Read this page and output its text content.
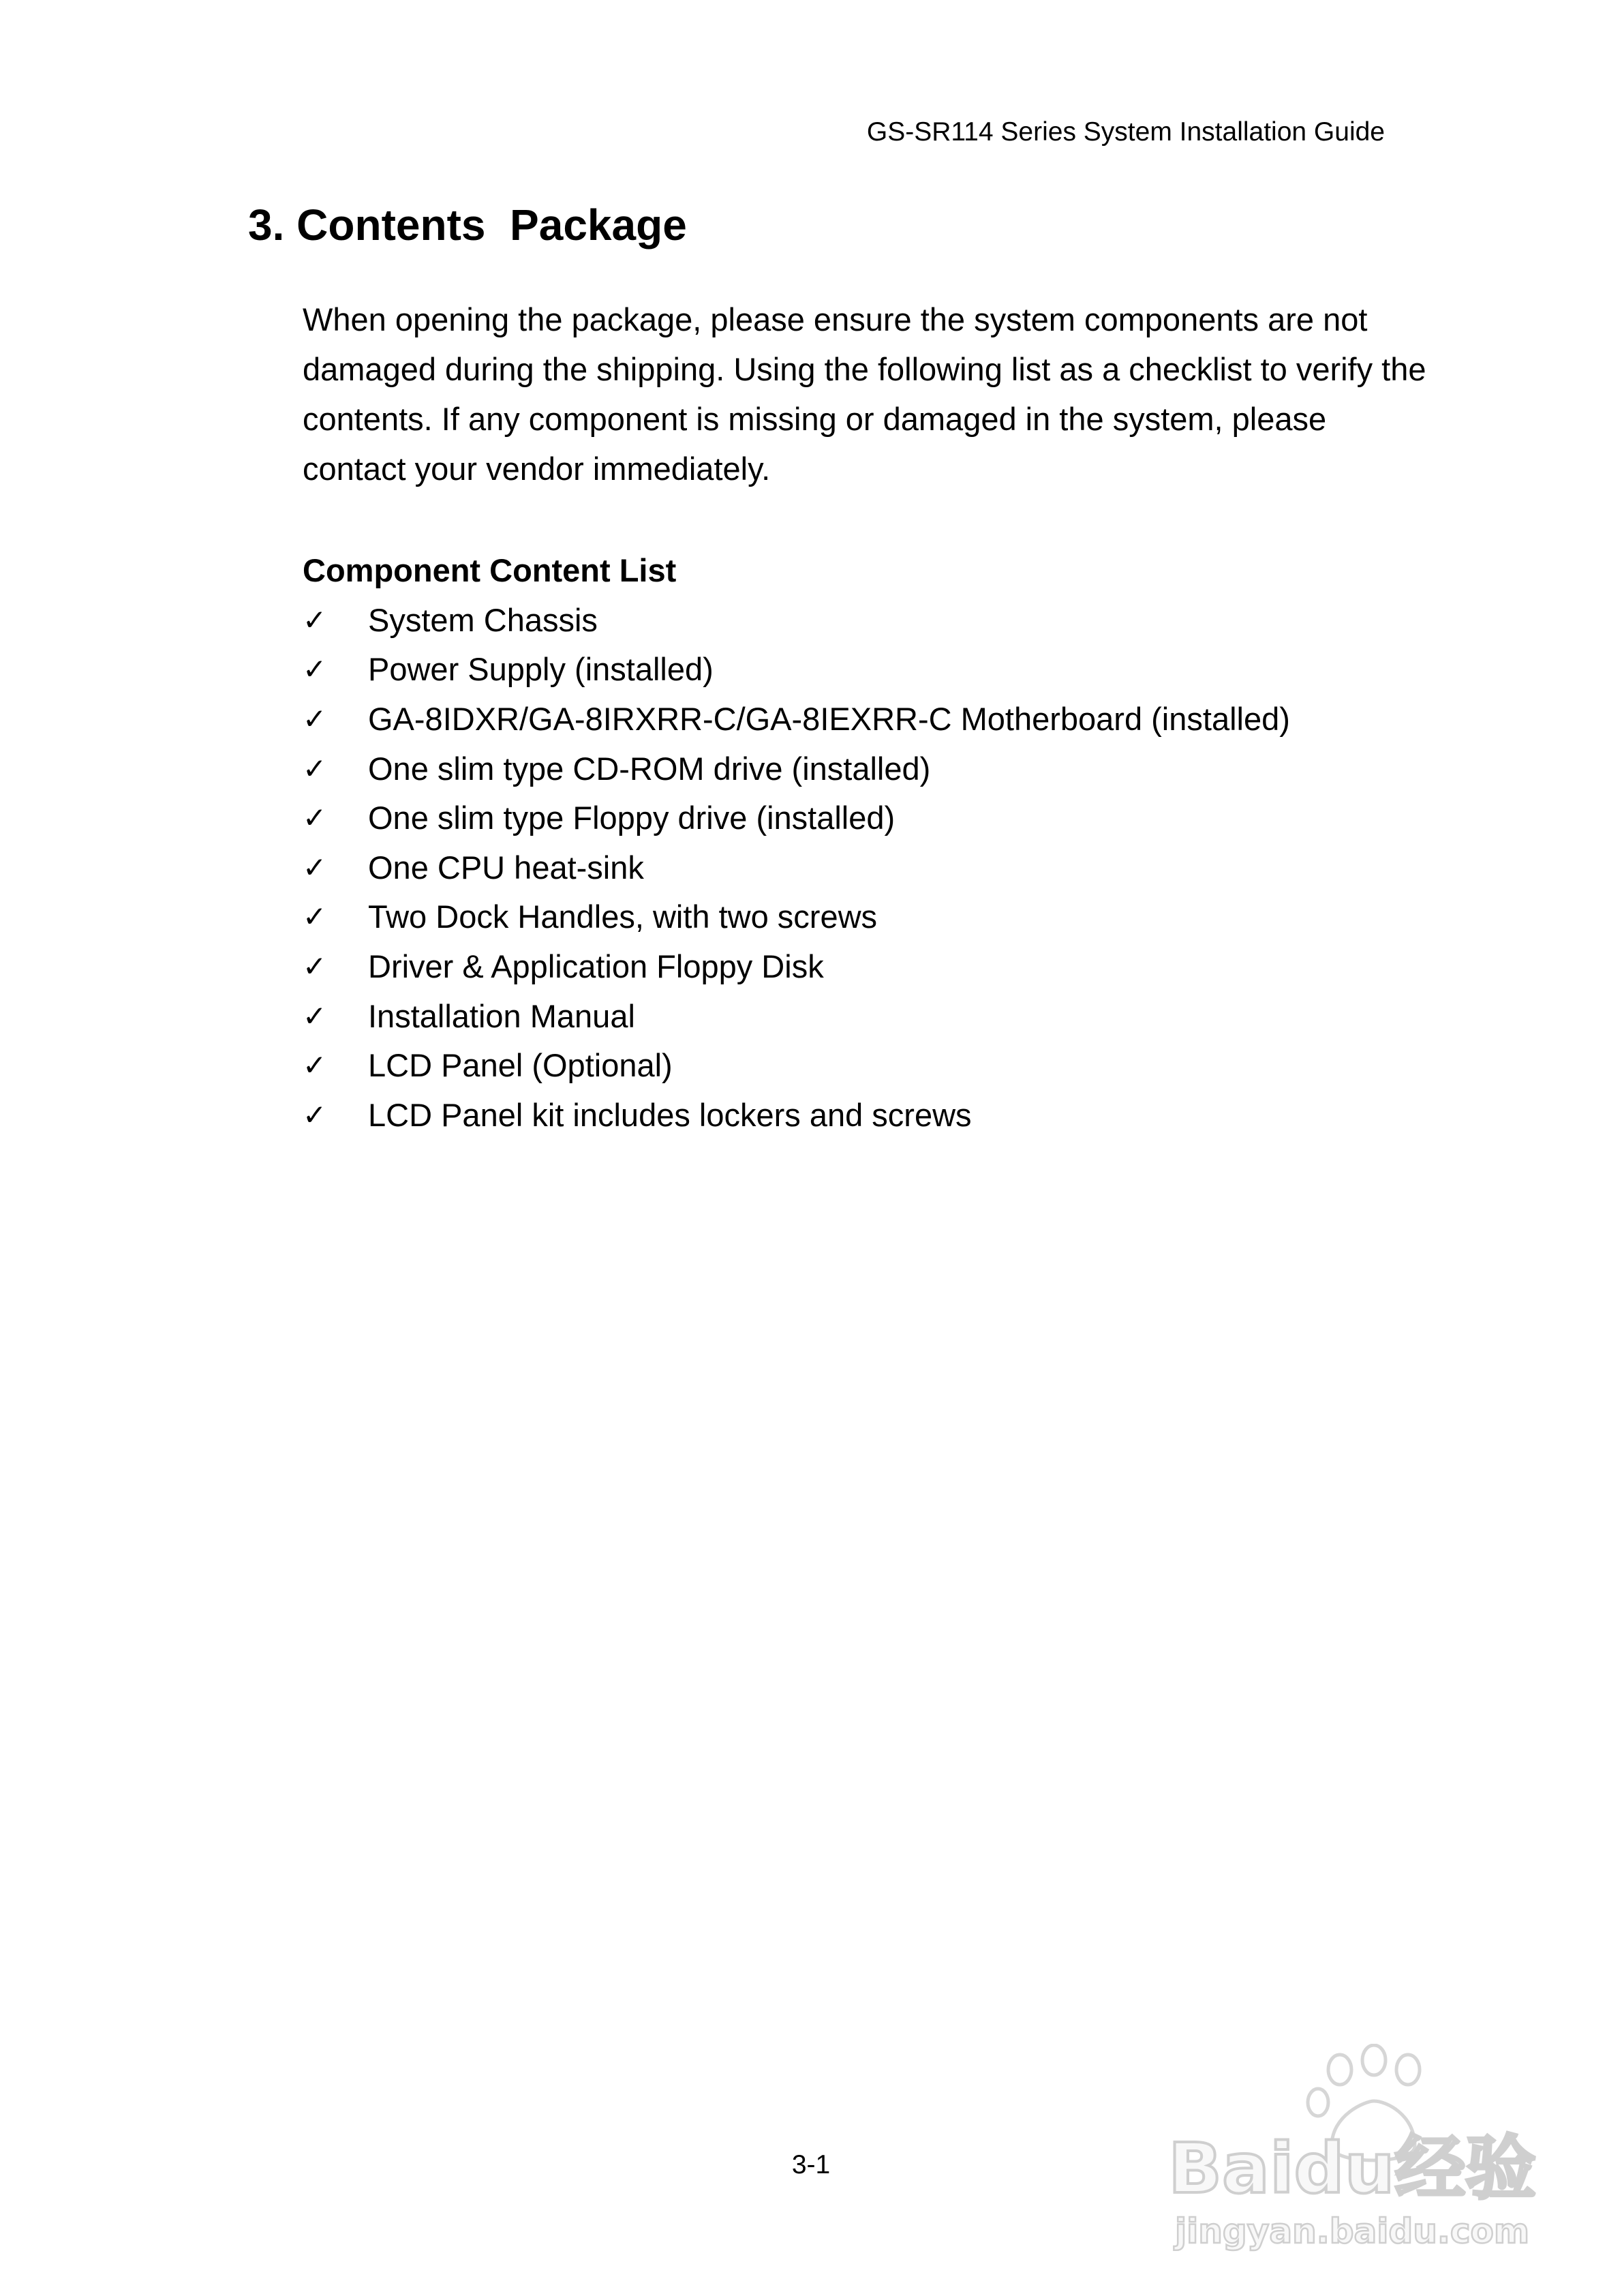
GS-SR114 Series System Installation Guide
3. Contents  Package

When opening the package, please ensure the system components are not damaged during the shipping. Using the following list as a checklist to verify the contents. If any component is missing or damaged in the system, please contact your vendor immediately.

Component Content List
✓	System Chassis
✓	Power Supply (installed)
✓	GA-8IDXR/GA-8IRXRR-C/GA-8IEXRR-C Motherboard (installed)
✓	One slim type CD-ROM drive (installed)
✓	One slim type Floppy drive (installed)
✓	One CPU heat-sink
✓	Two Dock Handles, with two screws
✓	Driver & Application Floppy Disk
✓	Installation Manual
✓	LCD Panel (Optional)
✓	LCD Panel kit includes lockers and screws
3-1	Baidu经验
jingyan.baidu.com
